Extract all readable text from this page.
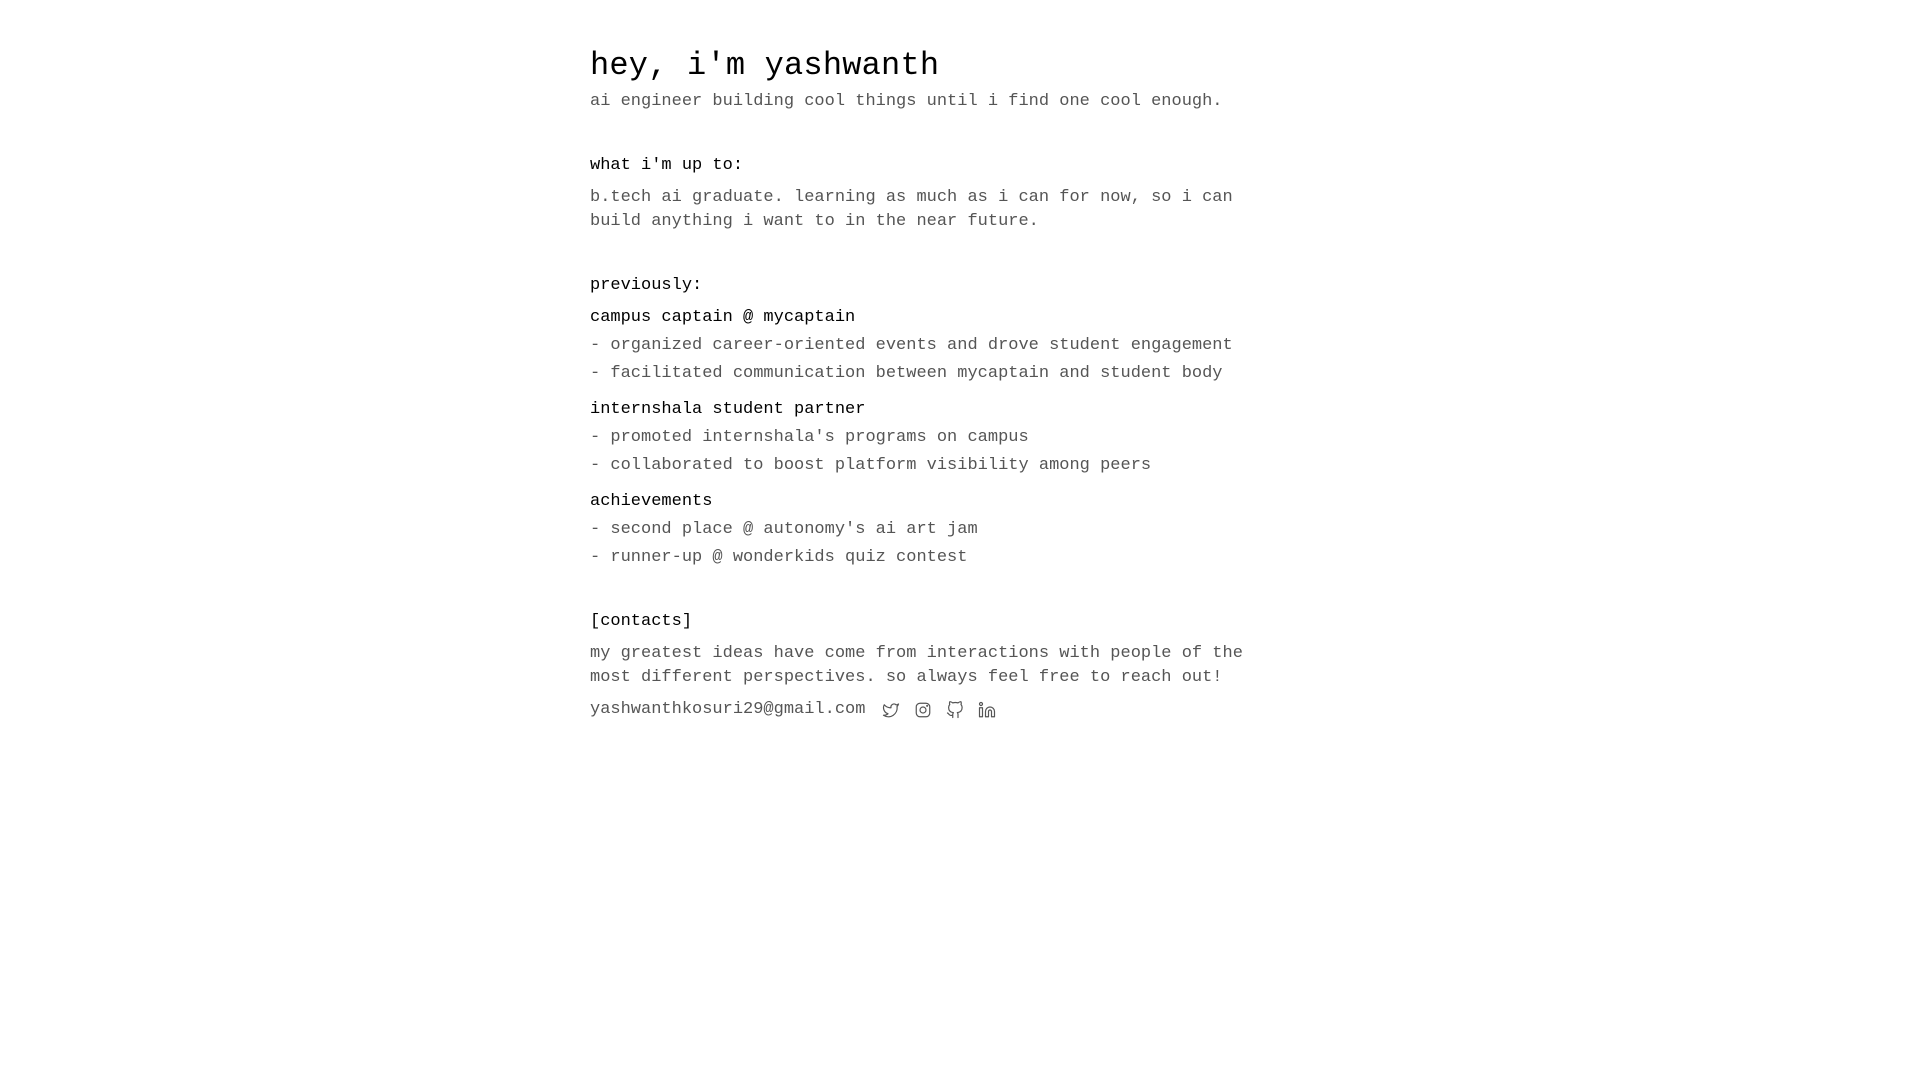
hey, i'm yashwanth

ai engineer building cool things until i find one cool enough.

what i'm up to:

b.tech ai graduate. learning as much as i can for now, so i can build anything i want to in the near future.

previously:

campus captain @ mycaptain
- organized career-oriented events and drove student engagement
- facilitated communication between mycaptain and student body
internshala student partner
- promoted internshala's programs on campus
- collaborated to boost platform visibility among peers
achievements
- second place @ autonomy's ai art jam
- runner-up @ wonderkids quiz contest

[contacts]

my greatest ideas have come from interactions with people of the most different perspectives. so always feel free to reach out!

yashwanthkosuri29@gmail.com
